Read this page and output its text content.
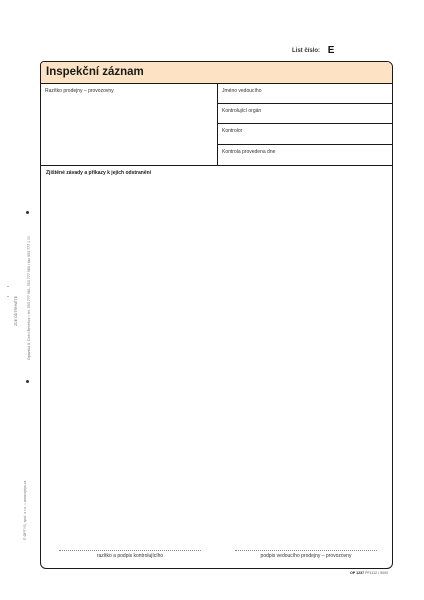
List číslo: E
© OPTYS, spol. s r.o. • www.optys.cz
Opavská 8, Dolní Benešov • tel. 553 777 981, 553 777 983 • fax 553 777 1 00
ZDE ODTRHNĚTE
Inspekční záznam
Razítko prodejny – provozovny	Jméno vedoucího
Kontrolující orgán
Kontrolor
Kontrola provedena dne
Zjištěné závady a příkazy k jejich odstranění
razítko a podpis kontrolujícího	podpis vedoucího prodejny – provozovny
OP 1237 PF1112 / 5000
